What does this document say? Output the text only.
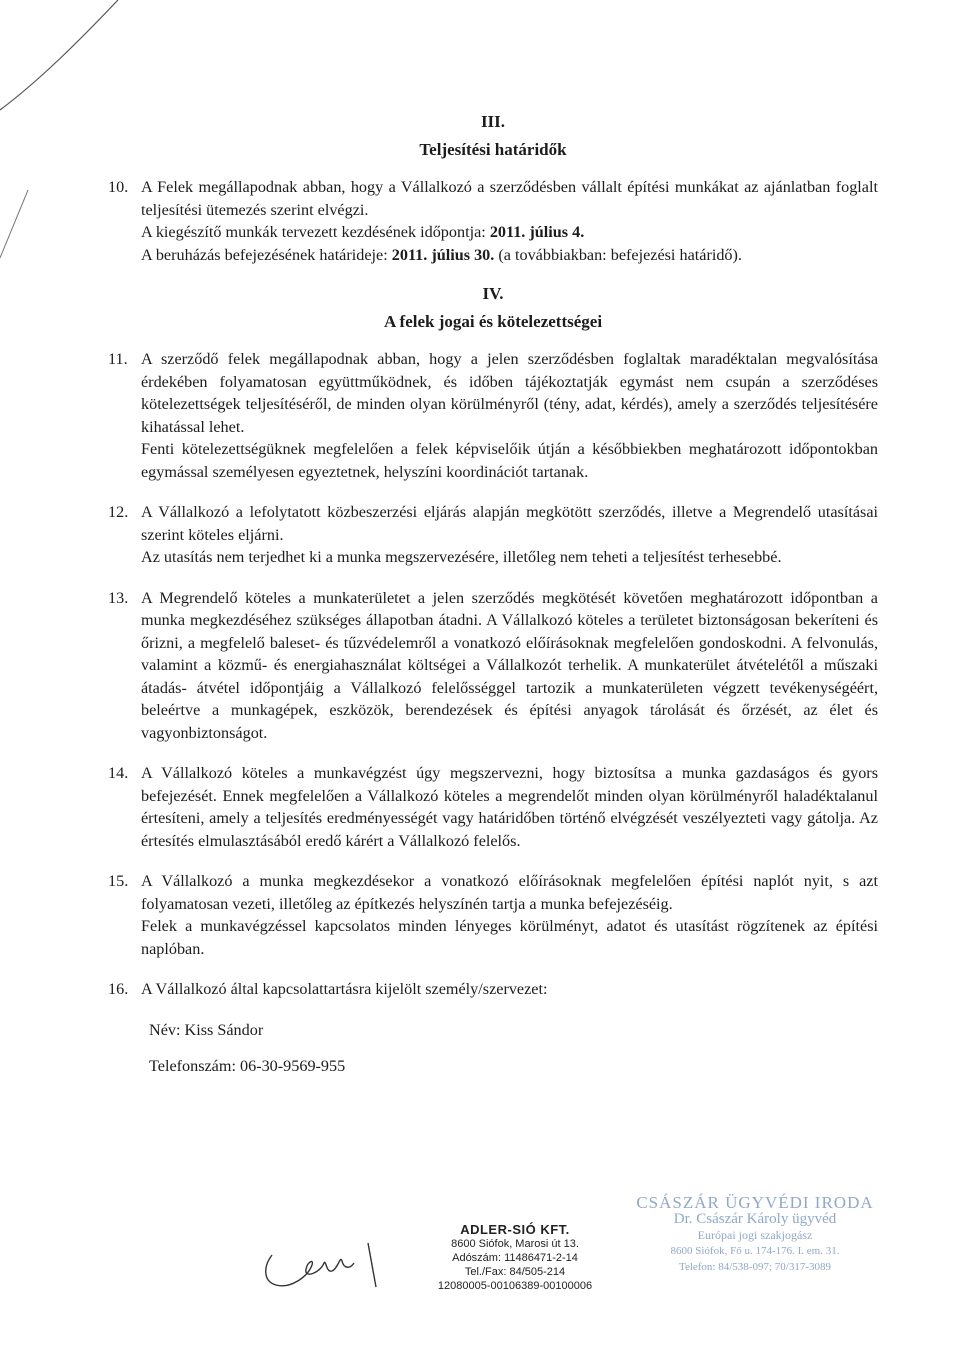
III.
Teljesítési határidők
10. A Felek megállapodnak abban, hogy a Vállalkozó a szerződésben vállalt építési munkákat az ajánlatban foglalt teljesítési ütemezés szerint elvégzi.

A kiegészítő munkák tervezett kezdésének időpontja: 2011. július 4.

A beruházás befejezésének határideje: 2011. július 30. (a továbbiakban: befejezési határidő).

IV.
A felek jogai és kötelezettségei
11. A szerződő felek megállapodnak abban, hogy a jelen szerződésben foglaltak maradéktalan megvalósítása érdekében folyamatosan együttműködnek, és időben tájékoztatják egymást nem csupán a szerződéses kötelezettségek teljesítéséről, de minden olyan körülményről (tény, adat, kérdés), amely a szerződés teljesítésére kihatással lehet.

Fenti kötelezettségüknek megfelelően a felek képviselőik útján a későbbiekben meghatározott időpontokban egymással személyesen egyeztetnek, helyszíni koordinációt tartanak.

12. A Vállalkozó a lefolytatott közbeszerzési eljárás alapján megkötött szerződés, illetve a Megrendelő utasításai szerint köteles eljárni.

Az utasítás nem terjedhet ki a munka megszervezésére, illetőleg nem teheti a teljesítést terhesebbé.

13. A Megrendelő köteles a munkaterületet a jelen szerződés megkötését követően meghatározott időpontban a munka megkezdéséhez szükséges állapotban átadni. A Vállalkozó köteles a területet biztonságosan bekeríteni és őrizni, a megfelelő baleset- és tűzvédelemről a vonatkozó előírásoknak megfelelően gondoskodni. A felvonulás, valamint a közmű- és energiahasználat költségei a Vállalkozót terhelik. A munkaterület átvételétől a műszaki átadás- átvétel időpontjáig a Vállalkozó felelősséggel tartozik a munkaterületen végzett tevékenységéért, beleértve a munkagépek, eszközök, berendezések és építési anyagok tárolását és őrzését, az élet és vagyonbiztonságot.

14. A Vállalkozó köteles a munkavégzést úgy megszervezni, hogy biztosítsa a munka gazdaságos és gyors befejezését. Ennek megfelelően a Vállalkozó köteles a megrendelőt minden olyan körülményről haladéktalanul értesíteni, amely a teljesítés eredményességét vagy határidőben történő elvégzését veszélyezteti vagy gátolja. Az értesítés elmulasztásából eredő kárért a Vállalkozó felelős.

15. A Vállalkozó a munka megkezdésekor a vonatkozó előírásoknak megfelelően építési naplót nyit, s azt folyamatosan vezeti, illetőleg az építkezés helyszínén tartja a munka befejezéséig.

Felek a munkavégzéssel kapcsolatos minden lényeges körülményt, adatot és utasítást rögzítenek az építési naplóban.

16. A Vállalkozó által kapcsolattartásra kijelölt személy/szervezet:

Név: Kiss Sándor
Telefonszám: 06-30-9569-955
ADLER-SIÓ KFT.
8600 Siófok, Marosi út 13.
Adószám: 11486471-2-14
Tel./Fax: 84/505-214
12080005-00106389-00100006
CSÁSZÁR ÜGYVÉDI IRODA
Dr. Császár Károly ügyvéd
Európai jogi szakjogász
8600 Siófok, Fő u. 174-176. I. em. 31.
Telefon: 84/538-097; 70/317-3089
